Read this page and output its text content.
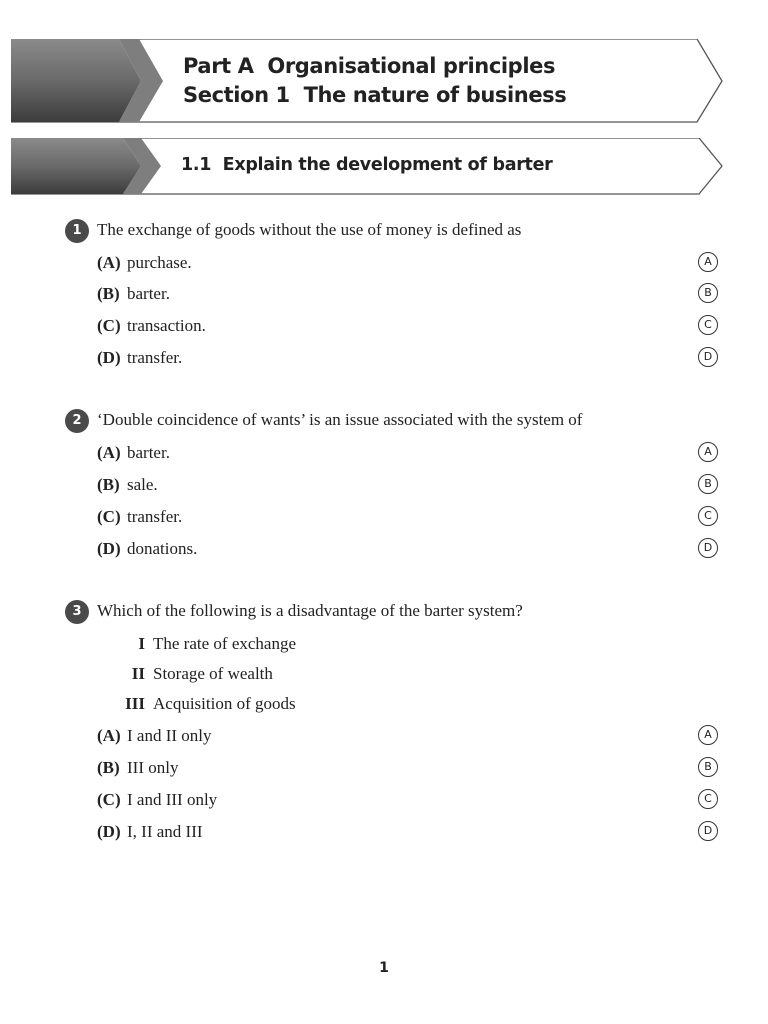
Part A  Organisational principles
Section 1  The nature of business
1.1  Explain the development of barter
1 The exchange of goods without the use of money is defined as
(A) purchase.	A
(B) barter.	B
(C) transaction.	C
(D) transfer.	D
2 ‘Double coincidence of wants’ is an issue associated with the system of
(A) barter.	A
(B) sale.	B
(C) transfer.	C
(D) donations.	D
3 Which of the following is a disadvantage of the barter system?
I The rate of exchange
II Storage of wealth
III Acquisition of goods
(A) I and II only	A
(B) III only	B
(C) I and III only	C
(D) I, II and III	D
1
